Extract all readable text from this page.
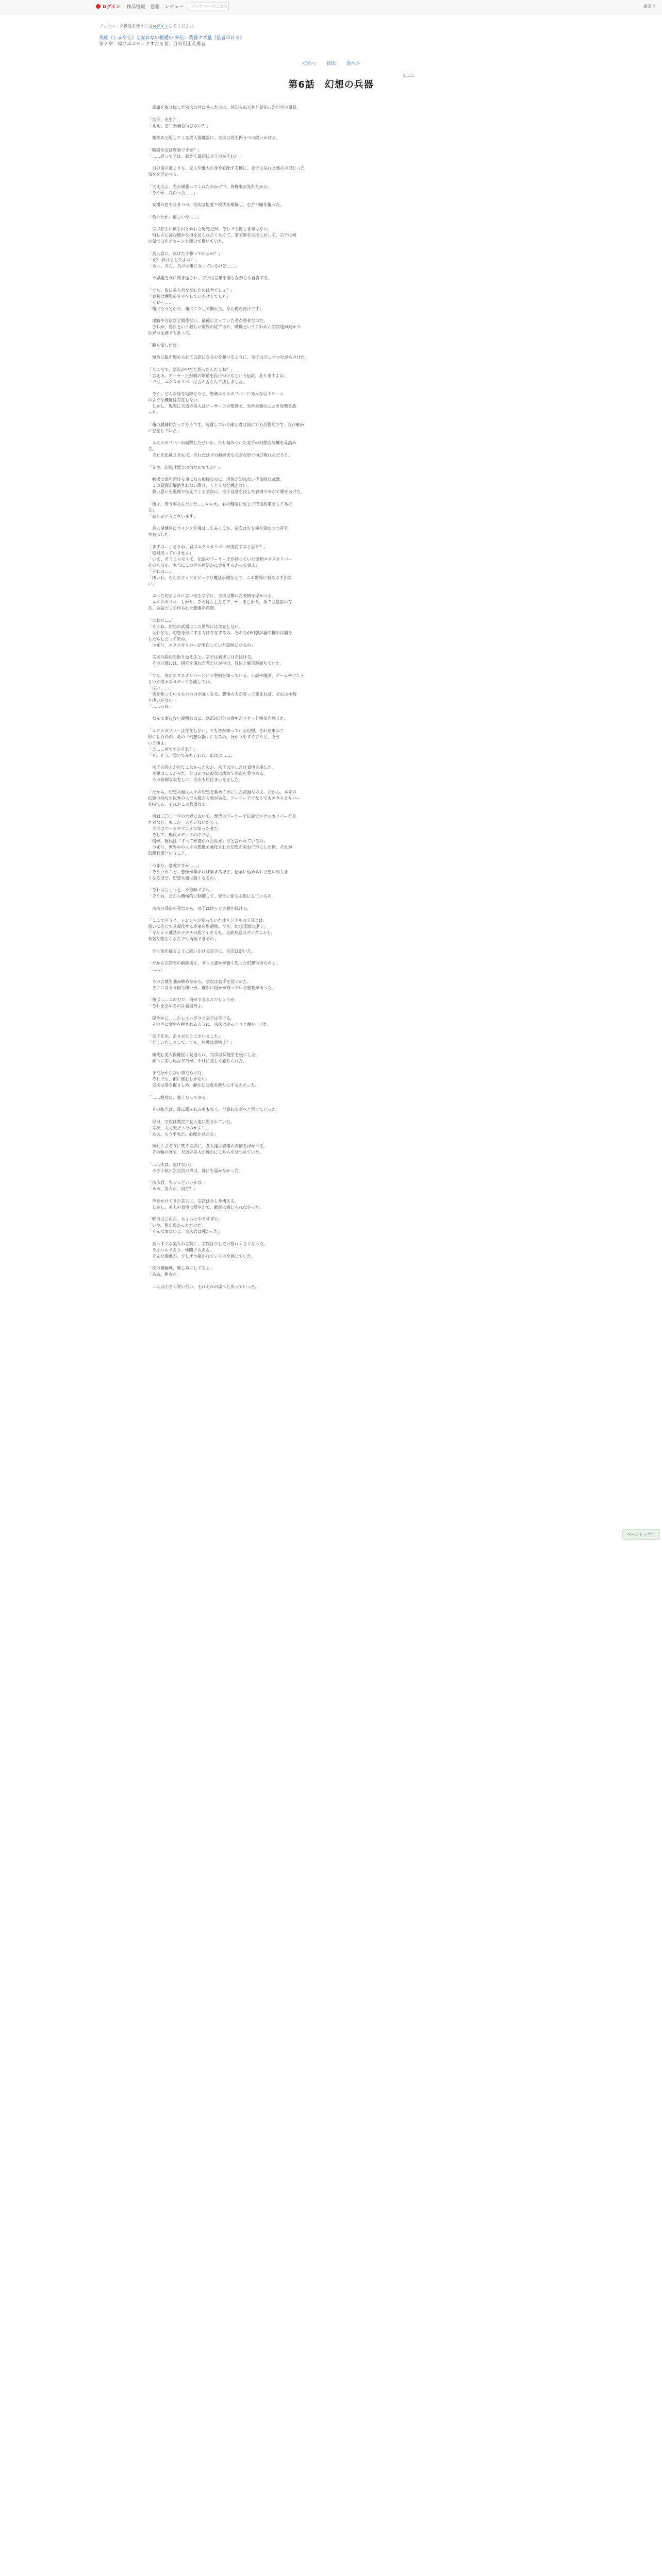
ログイン 作品情報 感想 レビュー
ブックマークに追加	縦書き
ブックマーク機能を使うにはログインしてください。
英雄《しゅやく》となれない親愛い 外伝：黄昏クズ星《星者の日々》
第２章：帰にエコヒックすだる者、自分用止英勇者
＜前へ 目次 次へ＞
6/125
第6話　幻想の兵器

　意識を取り戻した宗次の目に映ったのは、見知らぬ天井と見知った自室の風景。

「宗子、先生？」
「ええ。どこか痛む所はない？」

　微笑みと配してくる美人保健医に、宗次は首を振りつつ問いかける。

「時間や宗は異事ですか？」
「……君って子は。起きて最初に言うのがそれ？」

　目の前の量よりも、友人や他人の身を心配する彼に、赤子は呆れと感心の混じった
気をを浮かべる。

「大丈夫よ。君が頑張ってくれたおかげで、皆軽事が先れたから」
「そうか、良かった……」

　安堵の息を吐きつつ、宗次は他者で現状を理解し、右手で瞳を覆った。

「負けたか。悔しいな……」

　宗以相手に何手回と殊れた男先だが、それでも悔しき事はない。
　悔しさに淀む懐かな頃を見られたくなくて、掌で額を宗次に対して、宗子は何
か気で口をポカーンと開けて驚いていた。

「美人君に、負けた子想っているの？」
「え？ 負けましたよね？」
「あっ、うん、負けた事になっているけど……」

　不思議そうに聞き返され、宗子は言葉を濁しながらも首肯する。

「でも、負に美人君を倒したのは君でしょ？」
「審判は瀬際の宣言をしていませんでした」
「リビー……」
「俺はたうとかで、俺はこうして倒れた。なら俺の負けです」

　達暗や方法など関係ない。最後に立っていた者が勝者なのだ。
　それが、勝負という厳しい世界の従てあり、戦場というこれから宗次達が向かう
世界の法則でもあった。

「脇も流しだな」

　短めに脇を褒められて言語になるのを避けるように、宗子は少しずつながらのけた。

「ところで、宗次が中だと思ったんだよね？」
「言えあ、アーサー王が剣の剣鞘を投げつけるという伝説、ありますよね」
「でも、エクスカリバーは古の古なんて決しました」

　そう、どんな経を地陣とうと、聖剣エクスカリバーにあんな巨大ビーム
のような機能は存在しない。
　しかし、現実に天道寺美人はアーサー王の聖剣で、光学兵器のごとき攻撃を放
った。

「俺の鍛錬切たってそうです。装置している確と違は何にでも反物理です、だが確か
に存在している」

　エクスカリバーが高撃したせいか、少し悩みついた北手の幻想武装機を見詰め
る。
　それを記載させれば、折れたはずの鍛錬切も完全な形で再び現れるだろう。

「先生、幻想兵器とは何なんですか？」

　戦場で命を預ける事になる相棒なのに、現体が知れない不気味な武器。
　この疑問が解消されない限り、くどくなど戦えない。
　強い思いを視線で伝えてくる宗次に、宗子は意を決した表情でやがて顔をあげた。

「後々、皆う事なんだけど……いいわ、君の健闘に免じて特別授業をしてあげ
る」
「ありがとうございます」

　美人保健医にウインクを飛ばしてみようか、宗次は少し頬を染めつつ首を
左右にした。

「まずは……そうね、君はエクスカリバーが実在すると思う？」
「絶対持っていません」
「いえ、そうじゃなくて。伝説のアーサー王が持っていた聖剣エクスカリバー
そのものが、本当にこの世の何処かに実在するかって事よ」
「それは……」
「無いわ。そんなファンタジックな魔法の剣なんて、この世界に有るはずがな
い」

　ぶった切るように言い切る宗子に、宗次は驚いた表情を浮かべる。
　エクスカリバーしかり、その持ち主たるアーサー王しかり、全ては伝説の存
在。お話として作られた想像の産物。

「けれど……」
「そうね、幻想の武器はこの世界には実在しない。
　けれども、幻想を形にする力は存在するの。その力が幻想兵器や機甲兵器を
もたらしたって訳ね。
　つまり、エクスカリバーが実在していた証明になるの」

　宗次の説明を振り返えると、宗子は着実に耳を傾ける。
　その言葉には、研究を重ねた者だけが持つ、自信と確信が満ちていた。

「でも、皆がエクスカリバーという聖剣を知っている。小説や漫画、ゲームやアニメ
という様々なメディアを通してね」
「はい……」
「皆を知っているものの力が強くなる。想像の力が寄って集まれば、それは本物
と違いがない」
「……っ!?」

　なんて事のない説明なのに、宗次は自分の背中がゾクッと寒気を感じた。

「エクスカリバーは存在しない、でも皆が知っている幻想。それを束ねて
形にしたのが、あの『幻想兵器』になるの。分かりやすく言うと、そう
いう事よ」
「え……何ですかそれ？」
「そ、そう、聞いてみたいわね。あはは……」

　宗子の答えが出てこなかったのか、宗子は少しだけ表情を崩した。
　本題はここからだ、とばかりに彼女は改めて宗次を見つめる。
　その真剣な眼差しに、宗次も居住まいを正した。

「だから、幻想兵器は人々の幻想を集めて形にした武器なのよ。だから、本来の
伝説の持ち主以外の人でも扱える事がある。アーサー王でなくてもエクスカリバー
を持てる、それがこの兵器なの」

　西暦二〇二一年の世界において、歴代のアーサー王伝説でエクスカリバーを見
た者など、もしか一人もいないだろう。
　大半はゲームやアニメで知った者だ。
　そして、現代メディアの中では、
「何が、現代は『すべてが書かれた世界』だと言われているの」
　つまり、世界中の人々の想像で強化された幻想を束ねて形にした物、それが
幻想兵器ということ。

「つまり、意義ですか……」
「そういうこと。想像が集まれば集まるほど、伝承に込められた想いが大き
くなるほど、幻想兵器は強くなるの」

「それはちょっと、不気味ですね」
「そうね。だから機械的に制御して、安全に使える形にしているの」

　宗次の反応を見ながら、宗子は淡々と言葉を続ける。

「ここで言うと、レンシャが使っていたオリジナルの宝具とは、
想いに応じて具現化する本来の聖遺物。でも、幻想兵器は違う」
「ギリシャ神話のアテナの盾アイギスも、北欧神話のグングニルも、
有名な物ならなんでも再現できるの」

　少々気を探るように問いかける宗子に、宗次は頷いた。

「だから宗次君の鍛錬切も、きっと誰かが強く想った幻想の形なのよ」
「……」

　その言葉を噛み締めながら、宗次は右手を見つめた。
　そこにはもう何も無いが、確かに何かが残っている感覚があった。

「俺は……この力で、何ができるんでしょうか」
「それを決めるのは君自身よ」

　穏やかに、しかしはっきりと宗子は告げる。
　その声に背中を押されるように、宗次はゆっくりと顔を上げた。

「宗子先生、ありがとうございました」
「どういたしまして。でも、無理は禁物よ？」

　微笑む美人保健医に見送られ、宗次は保健室を後にした。
　廊下に差し込む夕日が、やけに眩しく感じられた。

　まだ分からない事だらけだ。
　それでも、前に進むしかない。
　宗次は拳を握りしめ、静かに決意を新たにするのだった。

「……絶対に、強くなってやる」

　その呟きは、誰に聞かれる事もなく、夕暮れの空へと溶けていった。

　翌日、宗次は教室で友人達に囲まれていた。
「宗次、大丈夫だったのかよ！」
「ああ、もう平気だ。心配かけたな」

　照れくさそうに笑う宗次に、友人達は安堵の表情を浮かべる。
　その輪の外で、天道寺美人が静かにこちらを見つめていた。

「……次は、負けない」
　小さく呟いた宗次の声は、誰にも届かなかった。

「宗次君、ちょっといいかな」
「ああ、美人か。何だ？」

　声をかけてきた美人に、宗次は少し身構える。
　しかし、美人の表情は穏やかで、敵意は感じられなかった。

「昨日はごめん。ちょっとやりすぎた」
「いや、俺が弱かっただけだ」
「そんな事ないよ。宗次君は強かった」

　真っすぐな美人の言葉に、宗次は少しだけ照れくさくなった。
　ライバルであり、仲間でもある。
　そんな関係が、少しずつ築かれていくのを感じていた。

「次の模擬戦、楽しみにしてるよ」
「ああ、俺もだ」

　二人は小さく笑い合い、それぞれの席へと戻っていった。

ページトップへ
